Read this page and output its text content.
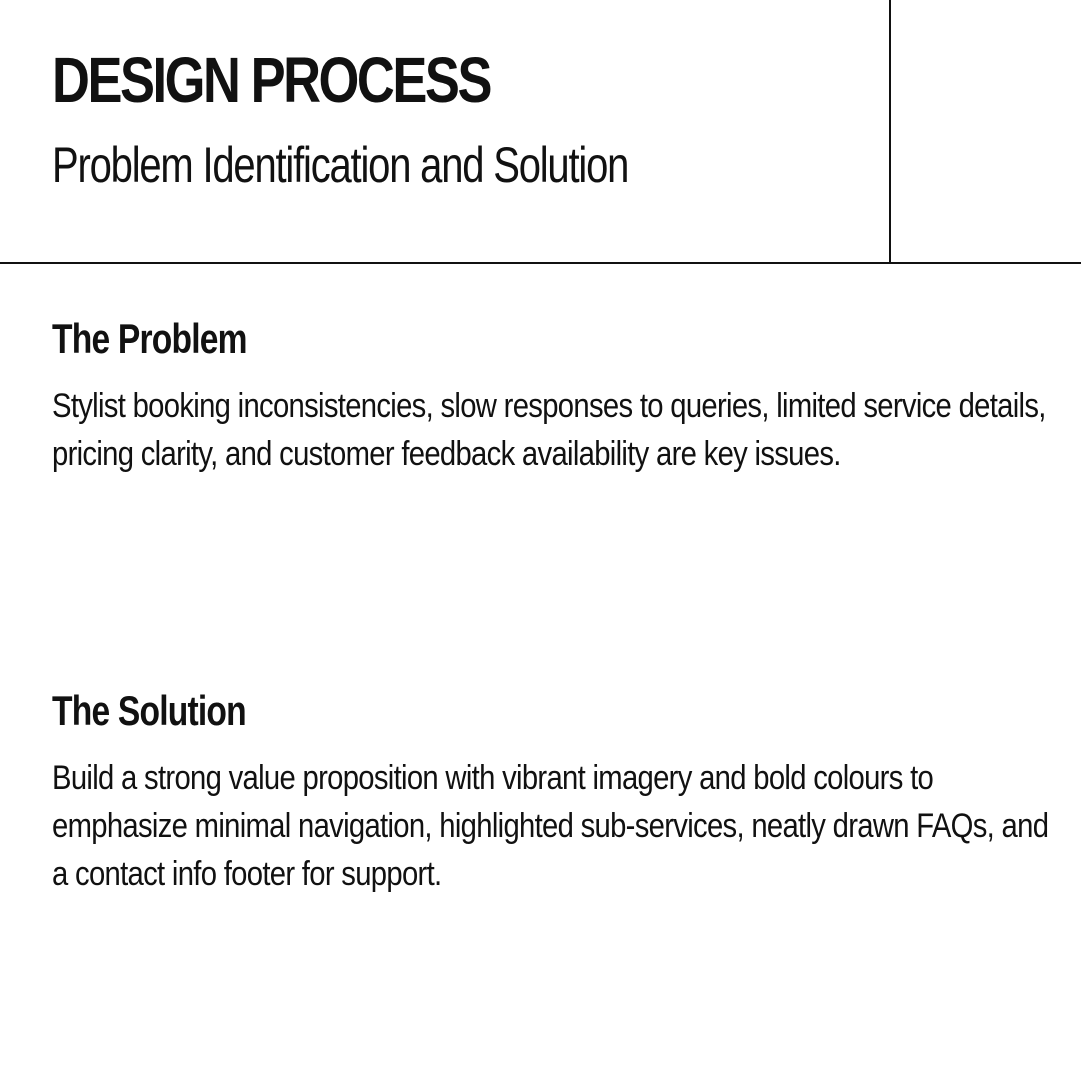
DESIGN PROCESS
Problem Identification and Solution
The Problem

Stylist booking inconsistencies, slow responses to queries, limited service details, pricing clarity, and customer feedback availability are key issues.

The Solution

Build a strong value proposition with vibrant imagery and bold colours to emphasize minimal navigation, highlighted sub-services, neatly drawn FAQs, and a contact info footer for support.
